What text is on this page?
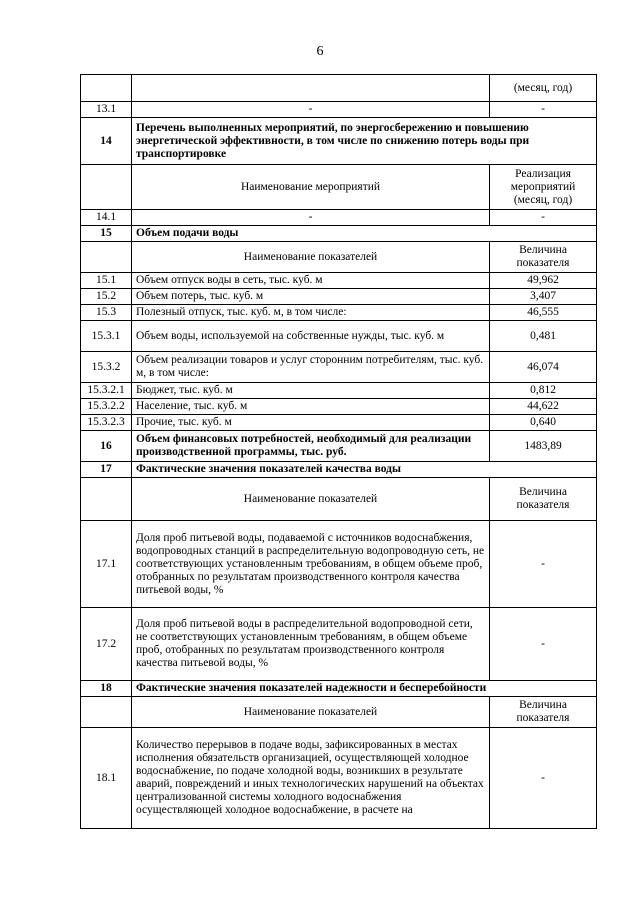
6
		(месяц, год)
13.1	-	-
14	Перечень выполненных мероприятий, по энергосбережению и повышению энергетической эффективности, в том числе по снижению потерь воды при транспортировке	
	Наименование мероприятий	Реализация мероприятий (месяц, год)
14.1	-	-
15	Объем подачи воды	
	Наименование показателей	Величина показателя
15.1	Объем отпуск воды в сеть, тыс. куб. м	49,962
15.2	Объем потерь, тыс. куб. м	3,407
15.3	Полезный отпуск, тыс. куб. м, в том числе:	46,555
15.3.1	Объем воды, используемой на собственные нужды, тыс. куб. м	0,481
15.3.2	Объем реализации товаров и услуг сторонним потребителям, тыс. куб. м, в том числе:	46,074
15.3.2.1	Бюджет, тыс. куб. м	0,812
15.3.2.2	Население, тыс. куб. м	44,622
15.3.2.3	Прочие, тыс. куб. м	0,640
16	Объем финансовых потребностей, необходимый для реализации производственной программы, тыс. руб.	1483,89
17	Фактические значения показателей качества воды	
	Наименование показателей	Величина показателя
17.1	Доля проб питьевой воды, подаваемой с источников водоснабжения, водопроводных станций в распределительную водопроводную сеть, не соответствующих установленным требованиям, в общем объеме проб, отобранных по результатам производственного контроля качества питьевой воды, %	-
17.2	Доля проб питьевой воды в распределительной водопроводной сети, не соответствующих установленным требованиям, в общем объеме проб, отобранных по результатам производственного контроля качества питьевой воды, %	-
18	Фактические значения показателей надежности и бесперебойности	
	Наименование показателей	Величина показателя
18.1	Количество перерывов в подаче воды, зафиксированных в местах исполнения обязательств организацией, осуществляющей холодное водоснабжение, по подаче холодной воды, возникших в результате аварий, повреждений и иных технологических нарушений на объектах централизованной системы холодного водоснабжения осуществляющей холодное водоснабжение, в расчете на	-
